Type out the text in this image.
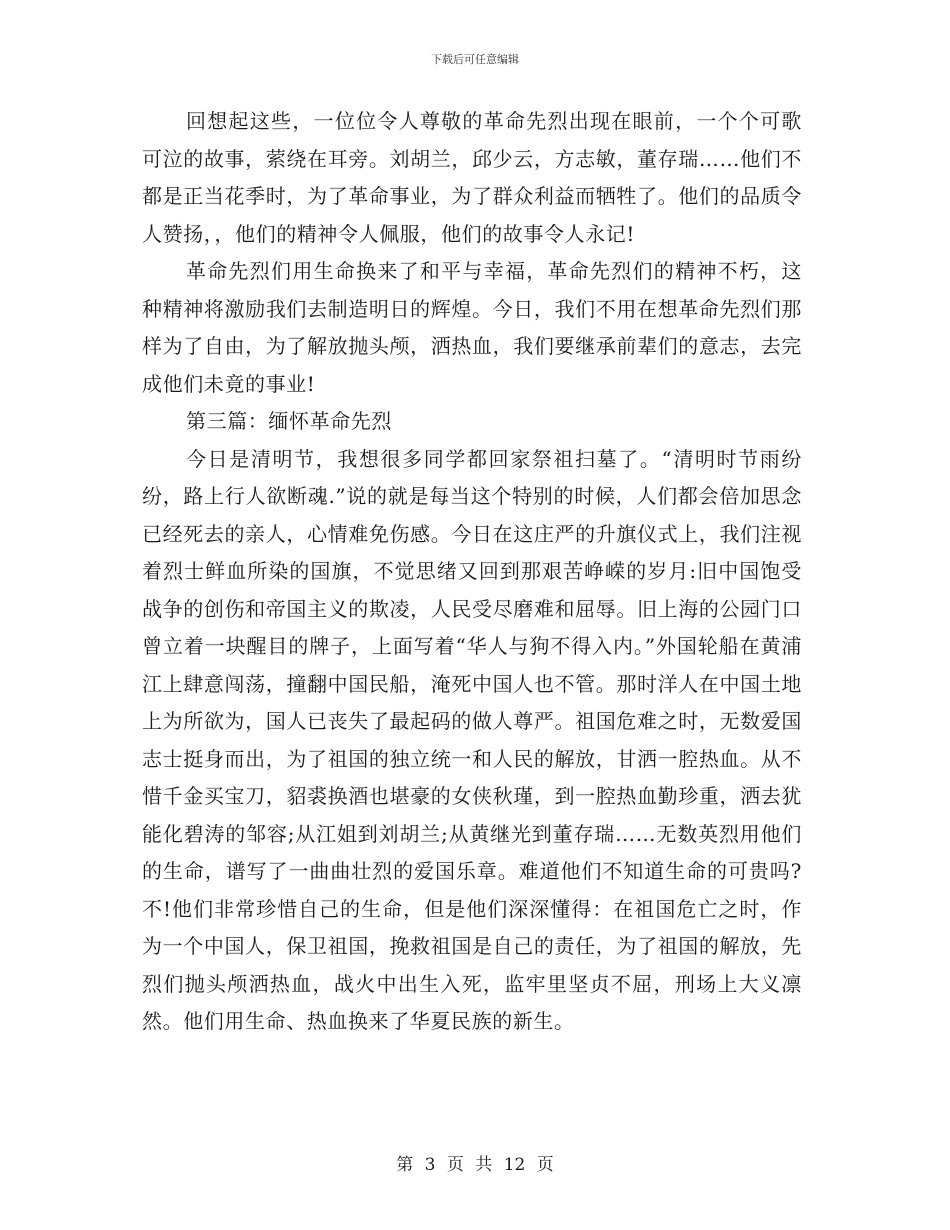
下载后可任意编辑

回想起这些，一位位令人尊敬的革命先烈出现在眼前，一个个可歌可泣的故事，萦绕在耳旁。刘胡兰，邱少云，方志敏，董存瑞……他们不都是正当花季时，为了革命事业，为了群众利益而牺牲了。他们的品质令人赞扬，，他们的精神令人佩服，他们的故事令人永记!

革命先烈们用生命换来了和平与幸福，革命先烈们的精神不朽，这种精神将激励我们去制造明日的辉煌。今日，我们不用在想革命先烈们那样为了自由，为了解放抛头颅，洒热血，我们要继承前辈们的意志，去完成他们未竟的事业!

第三篇：缅怀革命先烈

今日是清明节，我想很多同学都回家祭祖扫墓了。“清明时节雨纷纷，路上行人欲断魂.”说的就是每当这个特别的时候，人们都会倍加思念已经死去的亲人，心情难免伤感。今日在这庄严的升旗仪式上，我们注视着烈士鲜血所染的国旗，不觉思绪又回到那艰苦峥嵘的岁月:旧中国饱受战争的创伤和帝国主义的欺凌，人民受尽磨难和屈辱。旧上海的公园门口曾立着一块醒目的牌子，上面写着“华人与狗不得入内。”外国轮船在黄浦江上肆意闯荡，撞翻中国民船，淹死中国人也不管。那时洋人在中国土地上为所欲为，国人已丧失了最起码的做人尊严。祖国危难之时，无数爱国志士挺身而出，为了祖国的独立统一和人民的解放，甘洒一腔热血。从不惜千金买宝刀，貂裘换酒也堪豪的女侠秋瑾，到一腔热血勤珍重，洒去犹能化碧涛的邹容;从江姐到刘胡兰;从黄继光到董存瑞……无数英烈用他们的生命，谱写了一曲曲壮烈的爱国乐章。难道他们不知道生命的可贵吗?不!他们非常珍惜自己的生命，但是他们深深懂得：在祖国危亡之时，作为一个中国人，保卫祖国，挽救祖国是自己的责任，为了祖国的解放，先烈们抛头颅洒热血，战火中出生入死，监牢里坚贞不屈，刑场上大义凛然。他们用生命、热血换来了华夏民族的新生。

第 3 页 共 12 页
